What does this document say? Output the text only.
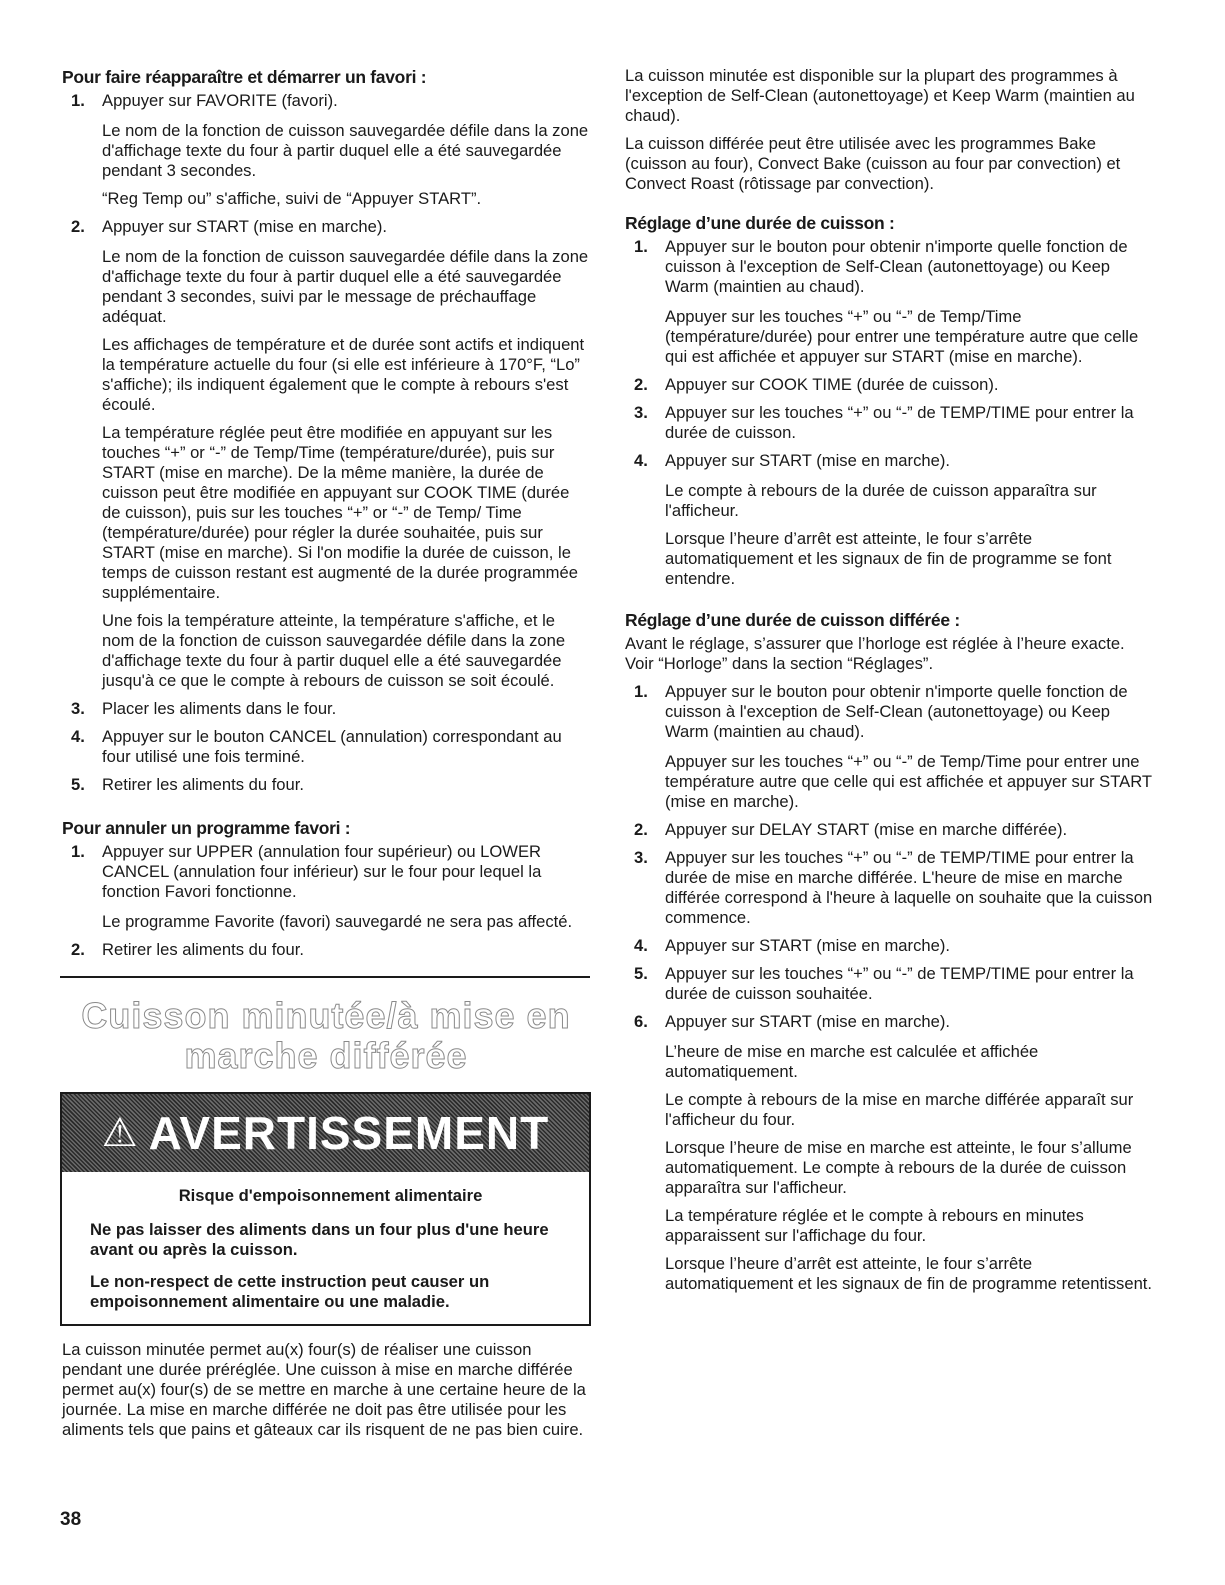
Pour faire réapparaître et démarrer un favori :
1. Appuyer sur FAVORITE (favori).

Le nom de la fonction de cuisson sauvegardée défile dans la zone d'affichage texte du four à partir duquel elle a été sauvegardée pendant 3 secondes.

“Reg Temp ou” s'affiche, suivi de “Appuyer START”.

2. Appuyer sur START (mise en marche).

Le nom de la fonction de cuisson sauvegardée défile dans la zone d'affichage texte du four à partir duquel elle a été sauvegardée pendant 3 secondes, suivi par le message de préchauffage adéquat.

Les affichages de température et de durée sont actifs et indiquent la température actuelle du four (si elle est inférieure à 170°F, “Lo” s'affiche); ils indiquent également que le compte à rebours s'est écoulé.

La température réglée peut être modifiée en appuyant sur les touches “+” or “-” de Temp/Time (température/durée), puis sur START (mise en marche). De la même manière, la durée de cuisson peut être modifiée en appuyant sur COOK TIME (durée de cuisson), puis sur les touches “+” or “-” de Temp/ Time (température/durée) pour régler la durée souhaitée, puis sur START (mise en marche). Si l'on modifie la durée de cuisson, le temps de cuisson restant est augmenté de la durée programmée supplémentaire.

Une fois la température atteinte, la température s'affiche, et le nom de la fonction de cuisson sauvegardée défile dans la zone d'affichage texte du four à partir duquel elle a été sauvegardée jusqu'à ce que le compte à rebours de cuisson se soit écoulé.

3. Placer les aliments dans le four.

4. Appuyer sur le bouton CANCEL (annulation) correspondant au four utilisé une fois terminé.

5. Retirer les aliments du four.

Pour annuler un programme favori :
1. Appuyer sur UPPER (annulation four supérieur) ou LOWER CANCEL (annulation four inférieur) sur le four pour lequel la fonction Favori fonctionne.

Le programme Favorite (favori) sauvegardé ne sera pas affecté.

2. Retirer les aliments du four.

Cuisson minutée/à mise en
marche différée
⚠ AVERTISSEMENT
Risque d'empoisonnement alimentaire

Ne pas laisser des aliments dans un four plus d'une heure avant ou après la cuisson.

Le non-respect de cette instruction peut causer un empoisonnement alimentaire ou une maladie.

La cuisson minutée permet au(x) four(s) de réaliser une cuisson pendant une durée préréglée. Une cuisson à mise en marche différée permet au(x) four(s) de se mettre en marche à une certaine heure de la journée. La mise en marche différée ne doit pas être utilisée pour les aliments tels que pains et gâteaux car ils risquent de ne pas bien cuire.

La cuisson minutée est disponible sur la plupart des programmes à l'exception de Self-Clean (autonettoyage) et Keep Warm (maintien au chaud).

La cuisson différée peut être utilisée avec les programmes Bake (cuisson au four), Convect Bake (cuisson au four par convection) et Convect Roast (rôtissage par convection).

Réglage d’une durée de cuisson :
1. Appuyer sur le bouton pour obtenir n'importe quelle fonction de cuisson à l'exception de Self-Clean (autonettoyage) ou Keep Warm (maintien au chaud).

Appuyer sur les touches “+” ou “-” de Temp/Time (température/durée) pour entrer une température autre que celle qui est affichée et appuyer sur START (mise en marche).

2. Appuyer sur COOK TIME (durée de cuisson).

3. Appuyer sur les touches “+” ou “-” de TEMP/TIME pour entrer la durée de cuisson.

4. Appuyer sur START (mise en marche).

Le compte à rebours de la durée de cuisson apparaîtra sur l'afficheur.

Lorsque l’heure d’arrêt est atteinte, le four s’arrête automatiquement et les signaux de fin de programme se font entendre.

Réglage d’une durée de cuisson différée :

Avant le réglage, s’assurer que l’horloge est réglée à l’heure exacte. Voir “Horloge” dans la section “Réglages”.

1. Appuyer sur le bouton pour obtenir n'importe quelle fonction de cuisson à l'exception de Self-Clean (autonettoyage) ou Keep Warm (maintien au chaud).

Appuyer sur les touches “+” ou “-” de Temp/Time pour entrer une température autre que celle qui est affichée et appuyer sur START (mise en marche).

2. Appuyer sur DELAY START (mise en marche différée).

3. Appuyer sur les touches “+” ou “-” de TEMP/TIME pour entrer la durée de mise en marche différée. L'heure de mise en marche différée correspond à l'heure à laquelle on souhaite que la cuisson commence.

4. Appuyer sur START (mise en marche).

5. Appuyer sur les touches “+” ou “-” de TEMP/TIME pour entrer la durée de cuisson souhaitée.

6. Appuyer sur START (mise en marche).

L’heure de mise en marche est calculée et affichée automatiquement.

Le compte à rebours de la mise en marche différée apparaît sur l'afficheur du four.

Lorsque l’heure de mise en marche est atteinte, le four s’allume automatiquement. Le compte à rebours de la durée de cuisson apparaîtra sur l'afficheur.

La température réglée et le compte à rebours en minutes apparaissent sur l'affichage du four.

Lorsque l’heure d’arrêt est atteinte, le four s’arrête automatiquement et les signaux de fin de programme retentissent.

38
